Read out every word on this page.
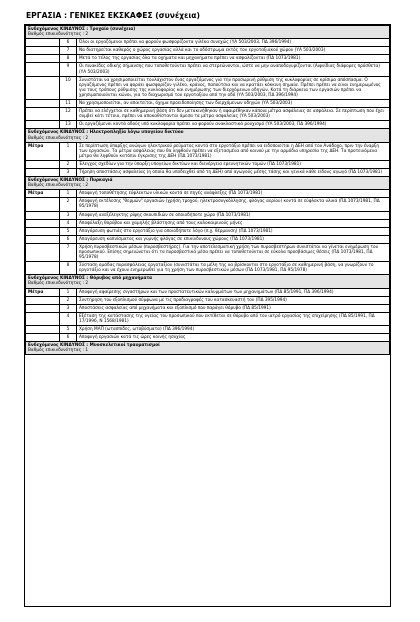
ΕΡΓΑΣΙΑ : ΓΕΝΙΚΕΣ ΕΚΣΚΑΦΕΣ (συνέχεια)
Ενδεχόμενος ΚΙΝΔΥΝΟΣ : Τροχαίο (συνέχεια)
Βαθμός επικινδυνότητας : 2		

	6	Όλοι οι εργαζόμενοι πρέπει να φορούν φωσφορίζοντα γιλέκα συνεχώς (ΥΑ 503/2003, ΠΔ 396/1994)
	7	Να διατηρείται καθαρός ο χώρος εργασίας αλλά και το οδόστρωμα εκτός του εργοταξιακού χώρου (ΥΑ 503/2003)
	8	Μετά το τέλος της εργασίας όλα τα οχήματα και μηχανήματα πρέπει να ασφαλίζονται (ΠΔ 1073/1981)
	9	Οι πινακίδες οδικής σήμανσης που τοποθετούνται πρέπει να στερεώνονται, ώστε να μην αναποδογυρίζονται (Αιφνίδιας διάφορες πρόσθετα) (ΥΑ 503/2003)
	10	Συνιστάται να χρησιμοποιείται τουλάχιστον ένας εργαζόμενος για την προσωρινή ρύθμιση της κυκλοφορίας σε κρίσιμα απόσπασμα. Ο εργαζόμενος πρέπει να φοράει φωσφορίζον γιλέκο, κράνος, παπούτσια και να κρατάει κόκκινη σημαία. Πρέπει πρέπει να είναι ενημερωμένος για τους τρόπους ρύθμισης της κυκλοφορίας και ενημέρωσης των διερχόμενων οδηγών. Κατά τη διάρκεια των εργασιών πρέπει να χρησιμοποιούνται κώνοι, για το διαχωρισμό του εργοταξίου από την οδό (ΥΑ 503/2003, ΠΔ 396/1994)
	11	Να χρησιμοποιείται, αν απαιτείται, όχημα προειδοποίησης των διερχόμενων οδηγών (ΥΑ 503/2003)
	12	Πρέπει να ελέγχεται σε καθημερινή βάση ότι δεν μετακινήθηκαν ή αφαιρέθηκαν κάποια μέτρα ασφάλειας σε ασφάλεια. Σε περίπτωση που έχει συμβεί κάτι τέτοιο, πρέπει να αποκαθίστανται άμεσα τα μέτρα ασφαλείας (ΥΑ 503/2003)
	13	Οι εργαζόμενοι κοντά οδούς υπό κυκλοφορία πρέπει να φορούν ανακλαστικά ρουχισμό (ΥΑ 503/2003, ΠΔ 396/1994)
Ενδεχόμενος ΚΙΝΔΥΝΟΣ : Ηλεκτροπληξία λόγω υπογείου δικτύου
Βαθμός επικινδυνότητας : 2		

Μέτρα	1	Σε περίπτωση ύπαρξης ανώγων ηλεκτρικού ρεύματος κοντά στο εργοτάξιο πρέπει να ειδοποιείται η ΔΕΗ από τον Ανάδοχο, πριν την έναρξη των εργασιών. Τα μέτρα ασφάλειας που θα ληφθούν πρέπει να εξετασμένα από κοινού με την αρμόδια υπηρεσία της ΔΕΗ. Τα προτεινόμενα μέτρα θα ληφθούν κατόπιν έγκρισης της ΔΕΗ (ΠΔ 1073/1981)
	2	Έλεγχος σχεδίων για την ύπαρξη υπογείων δικτύων και διενέργεια ερευνητικών τομών (ΠΔ 1073/1981)
	3	Τήρηση αποστάσεις ασφαλείας (η οποία θα υποδειχθεί από τη ΔΕΗ) από αγωγούς μέσης τάσης και γενικά κάθε είδους αγωγό (ΠΔ 1073/1981)
Ενδεχόμενος ΚΙΝΔΥΝΟΣ : Πυρκαγιά
Βαθμός επικινδυνότητας : 2		

Μέτρα	1	Αποφυγή τοποθέτησης εύφλεκτων υλικών κοντά σε πηγές ανάφλεξης (ΠΔ 1073/1981)
	2	Αποφυγή εκτέλεσης "θερμών" εργασιών (χρήση τροχού, ηλεκτροσυγκόλλησης, φλόγας αερίου) κοντά σε εύφλεκτα υλικά (ΠΔ 1073/1981, ΠΔ 95/1978)
	3	Αποφυγή ανεξέλεγκτης ρίψης σκουπιδιών σε οποιοδήποτε χώρο (ΠΔ 1073/1981)
	4	Αποφύλαξη θορύβου και χαμηλής βλάστησης από τους καλοκαιρινούς μήνες
	5	Απαγόρευση φωτιάς στο εργοτάξιο για οποιοδήποτε λόγο (π.χ. θέρμανση) (ΠΔ 1073/1981)
	6	Απαγόρευση καπνίσματος και γυμνής φλόγας σε επικίνδυνους χώρους (ΠΔ 1073/1981)
	7	Χρήση πυροσβεστικών μέσων (πυροσβεστήρες). Για την αποτελεσματική χρήση των πυροσβεστήρων συνιστάται να γίνεται ενημέρωση του προσωπικού. Επίσης σημειώνεται ότι τα πυροσβεστικά μέσα πρέπει να τοποθετούνται σε εύκολα προσβάσιμες θέσεις (ΠΔ 1073/1981, ΠΔ 95/1978)
	8	Σύσταση ομάδας πυρασφάλειας εργοταξίου (συνιστάται τα μέλη της να βρίσκονται στο εργοτάξιο σε καθημερινή βάση, να γνωρίζουν το εργοτάξιο και να έχουν ενημερωθεί για τη χρήση των πυροσβεστικών μέσων (ΠΔ 1073/1981, ΠΔ 95/1978)
Ενδεχόμενος ΚΙΝΔΥΝΟΣ : Θόρυβος από μηχανήματα
Βαθμός επικινδυνότητας : 2		

Μέτρα	1	Αποφυγή αφαίρεσης σιγαστήρων και των προστατευτικών καλυμμάτων των μηχανημάτων (ΠΔ 85/1991, ΠΔ 396/1994)
	2	Συντήρηση του εξοπλισμού σύμφωνα με τις προδιαγραφές του κατασκευαστή του (ΠΔ 395/1994)
	3	Αποστάσεις ασφαλείας από μηχανήματα και εξοπλισμό που παράγει θόρυβο (ΠΔ 85/1991)
	4	Εξέταση της κατάστασης της υγείας του προσωπικού που εκτίθεται σε θόρυβο από τον ιατρό εργασίας της επιχείρησης (ΠΔ 85/1991, ΠΔ 17/1996, Ν 1568/1981)
	5	Χρήση ΜΑΠ (ωτασπίδες, ωτοβύσματα) (ΠΔ 396/1994)
	6	Αποφυγή εργασιών κατά τις ώρες κοινής ησυχίας
Ενδεχόμενος ΚΙΝΔΥΝΟΣ : Μυοσκελετικοί τραυματισμοί
Βαθμός επικινδυνότητας : 1		
